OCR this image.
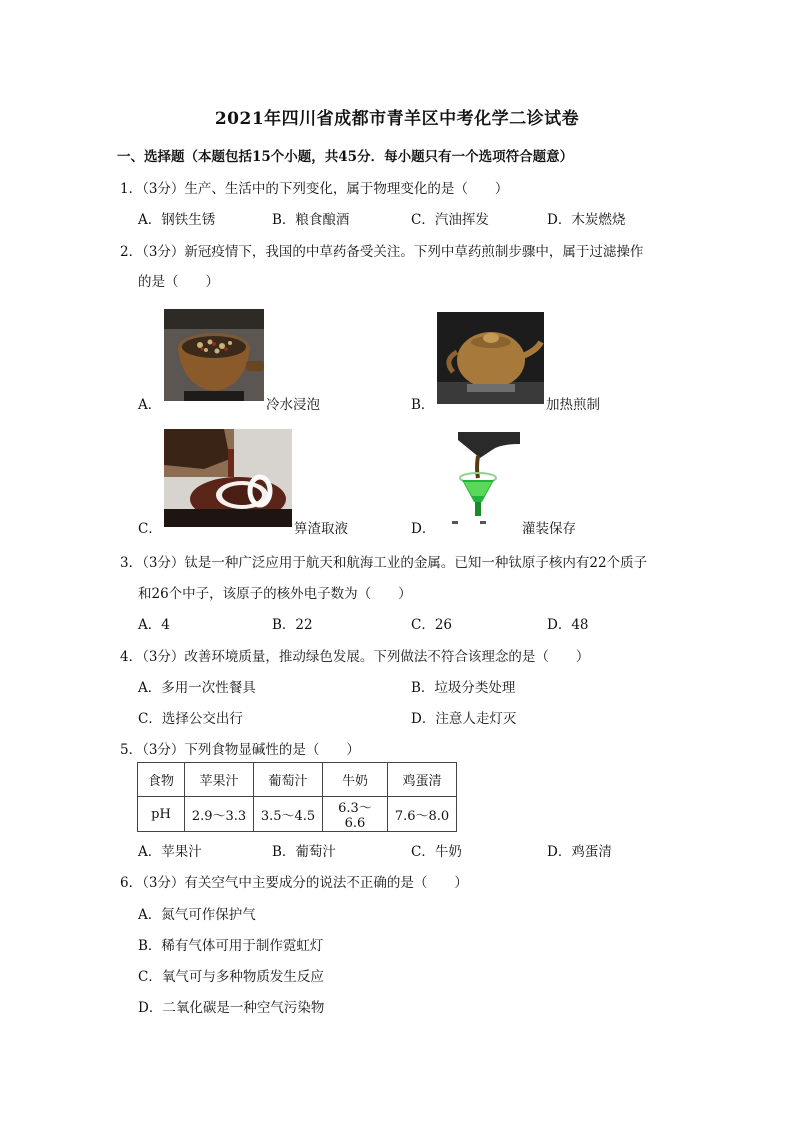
2021年四川省成都市青羊区中考化学二诊试卷
一、选择题（本题包括15个小题，共45分．每小题只有一个选项符合题意）
1．（3分）生产、生活中的下列变化，属于物理变化的是（　　）
A．钢铁生锈	B．粮食酿酒	C．汽油挥发	D．木炭燃烧
2．（3分）新冠疫情下，我国的中草药备受关注。下列中草药煎制步骤中，属于过滤操作
的是（　　）
A．	冷水浸泡	B．	加热煎制
C．	箅渣取液	D．	灌装保存
3．（3分）钛是一种广泛应用于航天和航海工业的金属。已知一种钛原子核内有22个质子
和26个中子，该原子的核外电子数为（　　）
A．4	B．22	C．26	D．48
4．（3分）改善环境质量，推动绿色发展。下列做法不符合该理念的是（　　）
A．多用一次性餐具	B．垃圾分类处理
C．选择公交出行	D．注意人走灯灭
5．（3分）下列食物显碱性的是（　　）
食物	苹果汁	葡萄汁	牛奶	鸡蛋清
pH	2.9～3.3	3.5～4.5	6.3～6.6	7.6～8.0
A．苹果汁	B．葡萄汁	C．牛奶	D．鸡蛋清
6．（3分）有关空气中主要成分的说法不正确的是（　　）
A．氮气可作保护气
B．稀有气体可用于制作霓虹灯
C．氧气可与多种物质发生反应
D．二氧化碳是一种空气污染物
